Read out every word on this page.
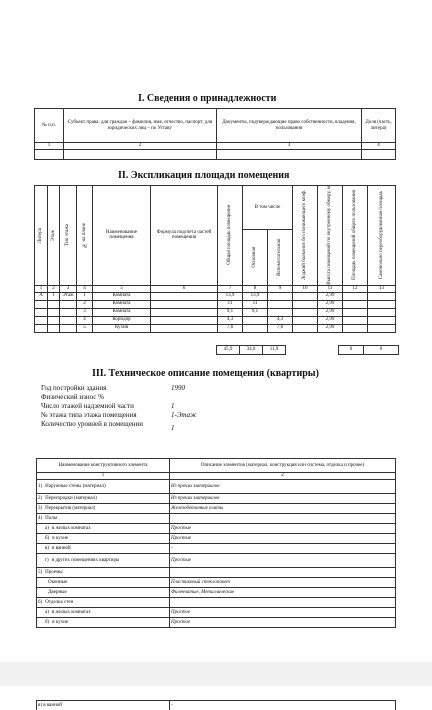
I. Сведения о принадлежности
№ п.п.	Субъект права: для граждан – фамилия, имя, отчество, паспорт; для юридических лиц – по Уставу	Документы, подтверждающие право собственности, владения, пользования	Доля (часть, литера)
1	2	3	4

II. Экспликация площади помещения
Литера	Этаж	Тип этажа	№ на плане	Наименование помещения	Формула подсчета частей помещения	Общая площадь помещения	В том числе		Лоджий балконов без понижающего коэф.	Высота помещений по внутреннему обмеру, м	Площадь помещений общего пользования	Самовольно переоборудованная площадь

							Основная	Вспомогательная				

1	2	3	4	5	6	7	8	9	10	11	12	13
А	1	Этаж	1	Комната		13,9	13,9			2,99		
			2	Комната		11	11			2,99		
			3	Комната		9,1	9,1			2,99		
			4	Коридор		4,3		4,3		2,99		
			5	Кухня		7,6		7,6		2,99		
45,9	34,0	11,9	0	0
III. Техническое описание помещения (квартиры)
Год постройки здания	1990
Физический износ %
Число этажей надземной части	1
№ этажа типа этажа помещения	1-Этаж
Количество уровней в помещении	1
Наименование конструктивного элемента	Описание элементов (материал, конструкция или система, отделка и прочее)
1	2
1) Наружные стены (материал)	Из прочих материалов
2) Перегородки (материал)	Из прочих материалов
3) Перекрытия (материал)	Железобетонные плиты
4) Полы	
а) в жилых комнатах	Простые
б) в кухне	Простые
в) в ванной	-
г) в других помещениях квартиры	Простые
5) Проемы	
Оконные	Пластиковый стеклопакет
Дверные	Филенчатые, Металлические
6) Отделка стен	
а) в жилых комнатах	Простое
б) в кухне	Простое
в) в ванной	-
